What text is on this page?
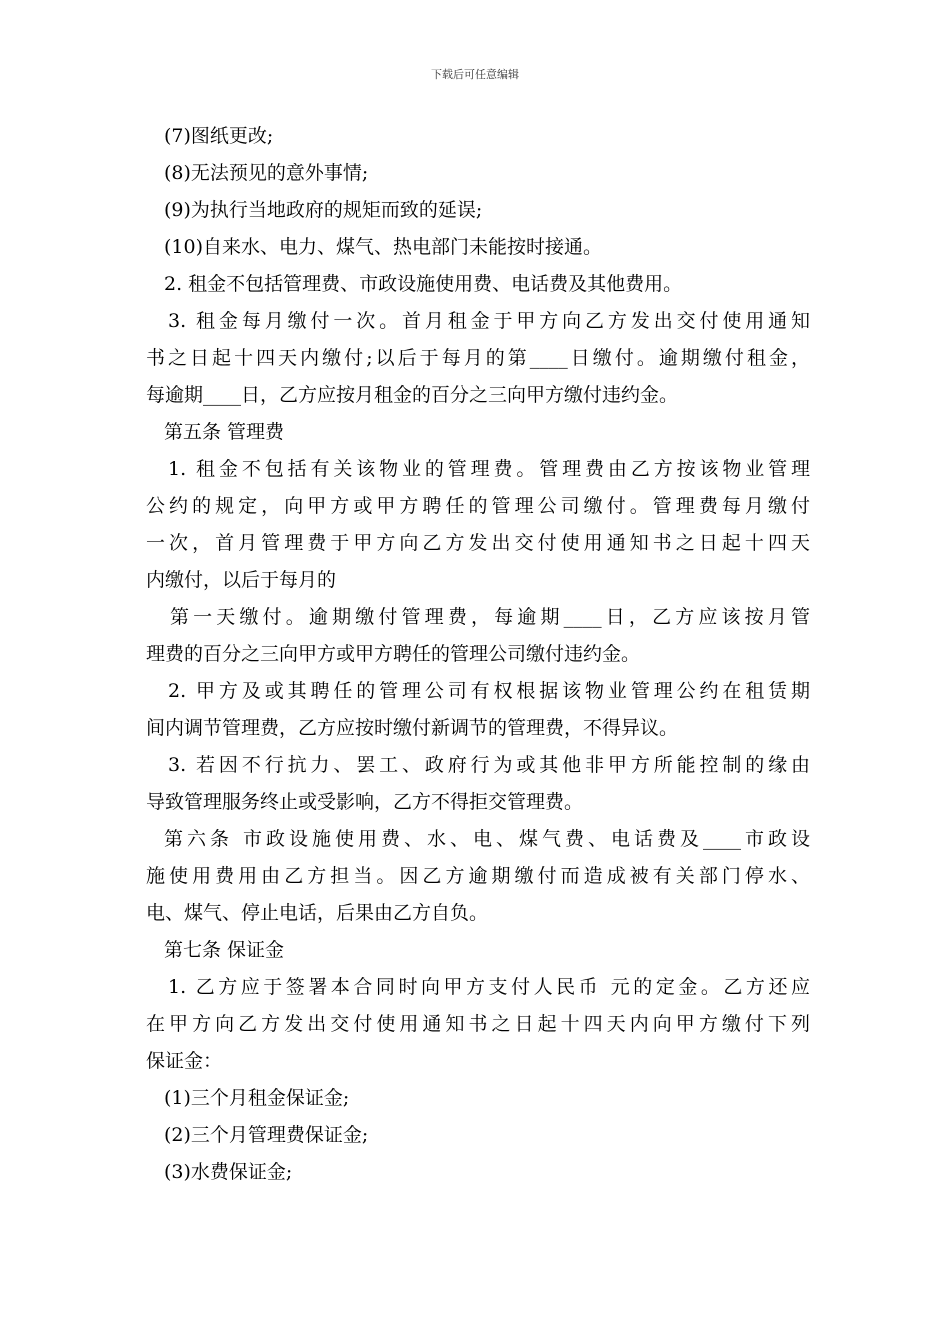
下载后可任意编辑
(7)图纸更改;
(8)无法预见的意外事情;
(9)为执行当地政府的规矩而致的延误;
(10)自来水、电力、煤气、热电部门未能按时接通。
2. 租金不包括管理费、市政设施使用费、电话费及其他费用。
3. 租金每月缴付一次。首月租金于甲方向乙方发出交付使用通知
书之日起十四天内缴付;以后于每月的第____日缴付。逾期缴付租金，
每逾期____日，乙方应按月租金的百分之三向甲方缴付违约金。
第五条 管理费
1. 租金不包括有关该物业的管理费。管理费由乙方按该物业管理
公约的规定，向甲方或甲方聘任的管理公司缴付。管理费每月缴付
一次，首月管理费于甲方向乙方发出交付使用通知书之日起十四天
内缴付，以后于每月的
第一天缴付。逾期缴付管理费，每逾期____日，乙方应该按月管
理费的百分之三向甲方或甲方聘任的管理公司缴付违约金。
2. 甲方及或其聘任的管理公司有权根据该物业管理公约在租赁期
间内调节管理费，乙方应按时缴付新调节的管理费，不得异议。
3. 若因不行抗力、罢工、政府行为或其他非甲方所能控制的缘由
导致管理服务终止或受影响，乙方不得拒交管理费。
第六条 市政设施使用费、水、电、煤气费、电话费及____市政设
施使用费用由乙方担当。因乙方逾期缴付而造成被有关部门停水、
电、煤气、停止电话，后果由乙方自负。
第七条 保证金
1. 乙方应于签署本合同时向甲方支付人民币 元的定金。乙方还应
在甲方向乙方发出交付使用通知书之日起十四天内向甲方缴付下列
保证金：
(1)三个月租金保证金;
(2)三个月管理费保证金;
(3)水费保证金;
